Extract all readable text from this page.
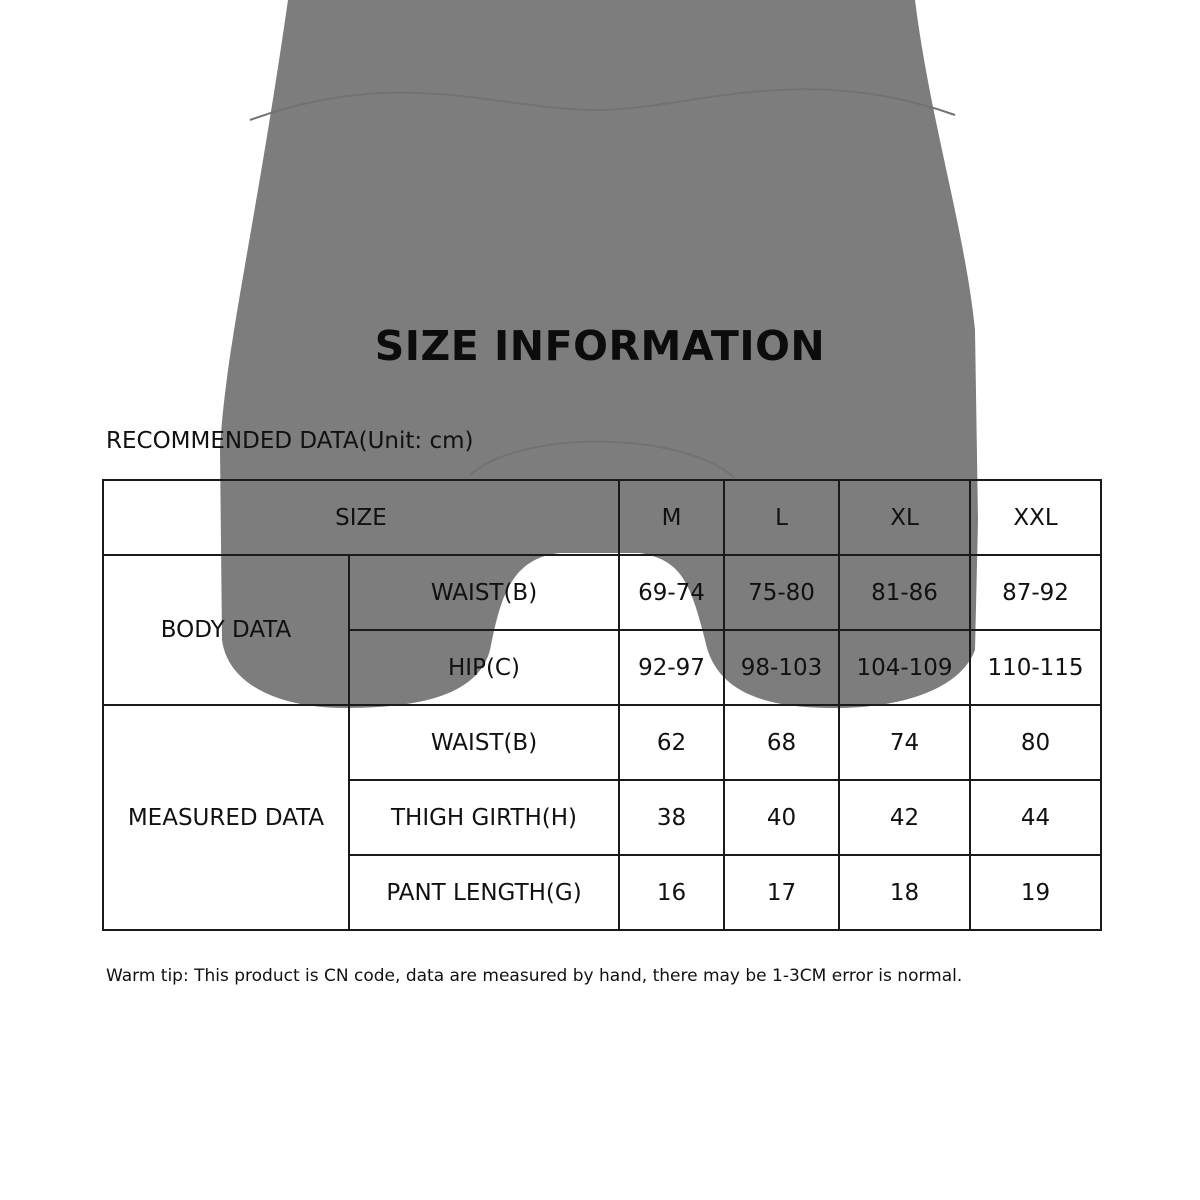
SIZE INFORMATION
RECOMMENDED DATA(Unit: cm)
SIZE		M	L	XL	XXL
BODY DATA	WAIST(B)	69-74	75-80	81-86	87-92
	HIP(C)	92-97	98-103	104-109	110-115
MEASURED DATA	WAIST(B)	62	68	74	80
	THIGH GIRTH(H)	38	40	42	44
	PANT LENGTH(G)	16	17	18	19
Warm tip: This product is CN code, data are measured by hand, there may be 1-3CM error is normal.
